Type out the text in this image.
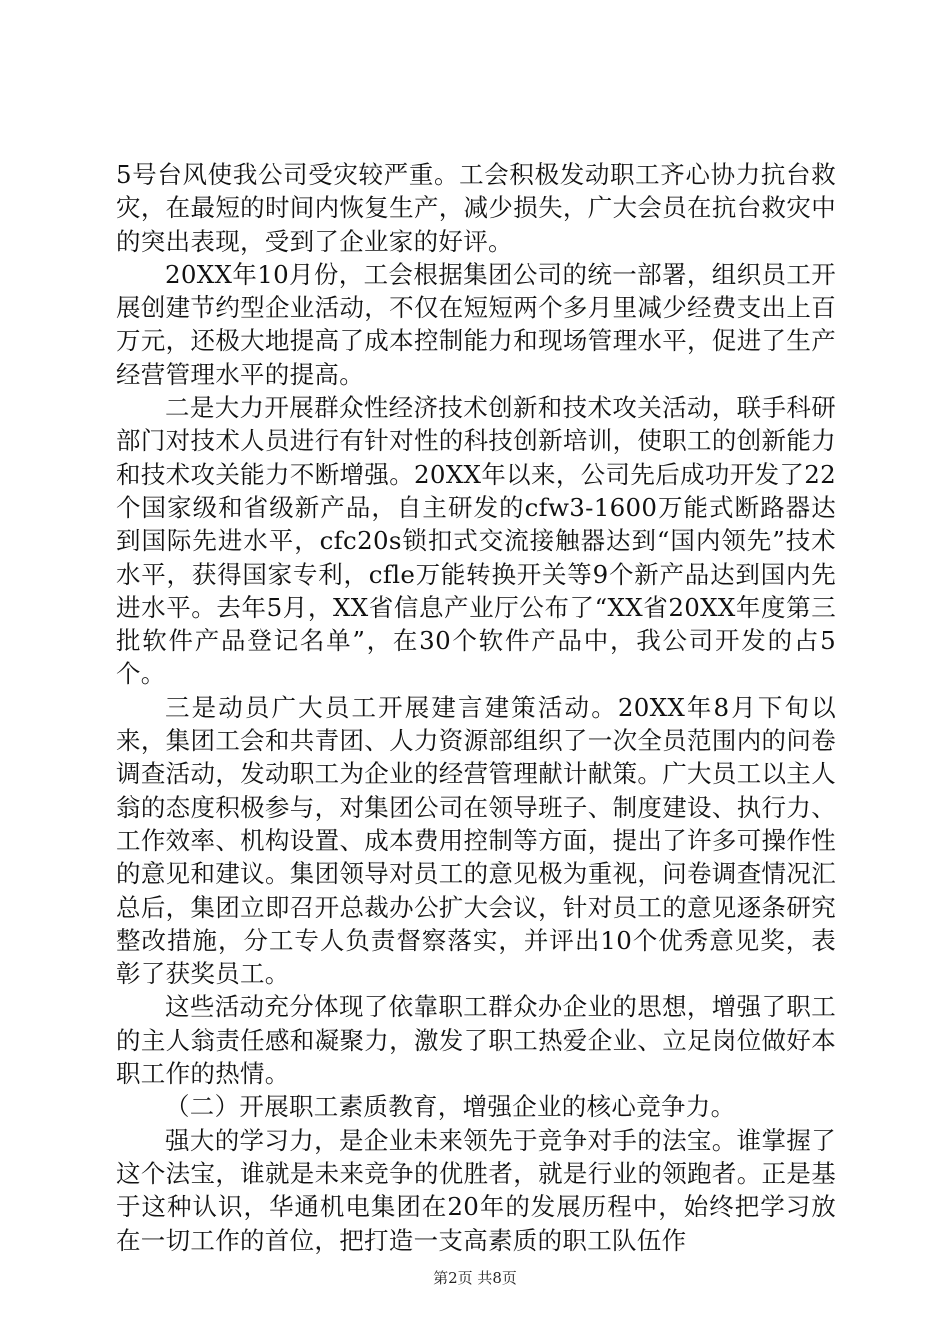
5号台风使我公司受灾较严重。工会积极发动职工齐心协力抗台救灾，在最短的时间内恢复生产，减少损失，广大会员在抗台救灾中的突出表现，受到了企业家的好评。

20XX年10月份，工会根据集团公司的统一部署，组织员工开展创建节约型企业活动，不仅在短短两个多月里减少经费支出上百万元，还极大地提高了成本控制能力和现场管理水平，促进了生产经营管理水平的提高。

二是大力开展群众性经济技术创新和技术攻关活动，联手科研部门对技术人员进行有针对性的科技创新培训，使职工的创新能力和技术攻关能力不断增强。20XX年以来，公司先后成功开发了22个国家级和省级新产品，自主研发的cfw3-1600万能式断路器达到国际先进水平，cfc20s锁扣式交流接触器达到“国内领先”技术水平，获得国家专利，cfle万能转换开关等9个新产品达到国内先进水平。去年5月，XX省信息产业厅公布了“XX省20XX年度第三批软件产品登记名单”，在30个软件产品中，我公司开发的占5个。

三是动员广大员工开展建言建策活动。20XX年8月下旬以来，集团工会和共青团、人力资源部组织了一次全员范围内的问卷调查活动，发动职工为企业的经营管理献计献策。广大员工以主人翁的态度积极参与，对集团公司在领导班子、制度建设、执行力、工作效率、机构设置、成本费用控制等方面，提出了许多可操作性的意见和建议。集团领导对员工的意见极为重视，问卷调查情况汇总后，集团立即召开总裁办公扩大会议，针对员工的意见逐条研究整改措施，分工专人负责督察落实，并评出10个优秀意见奖，表彰了获奖员工。

这些活动充分体现了依靠职工群众办企业的思想，增强了职工的主人翁责任感和凝聚力，激发了职工热爱企业、立足岗位做好本职工作的热情。

（二）开展职工素质教育，增强企业的核心竞争力。

强大的学习力，是企业未来领先于竞争对手的法宝。谁掌握了这个法宝，谁就是未来竞争的优胜者，就是行业的领跑者。正是基于这种认识，华通机电集团在20年的发展历程中，始终把学习放在一切工作的首位，把打造一支高素质的职工队伍作

第2页 共8页
